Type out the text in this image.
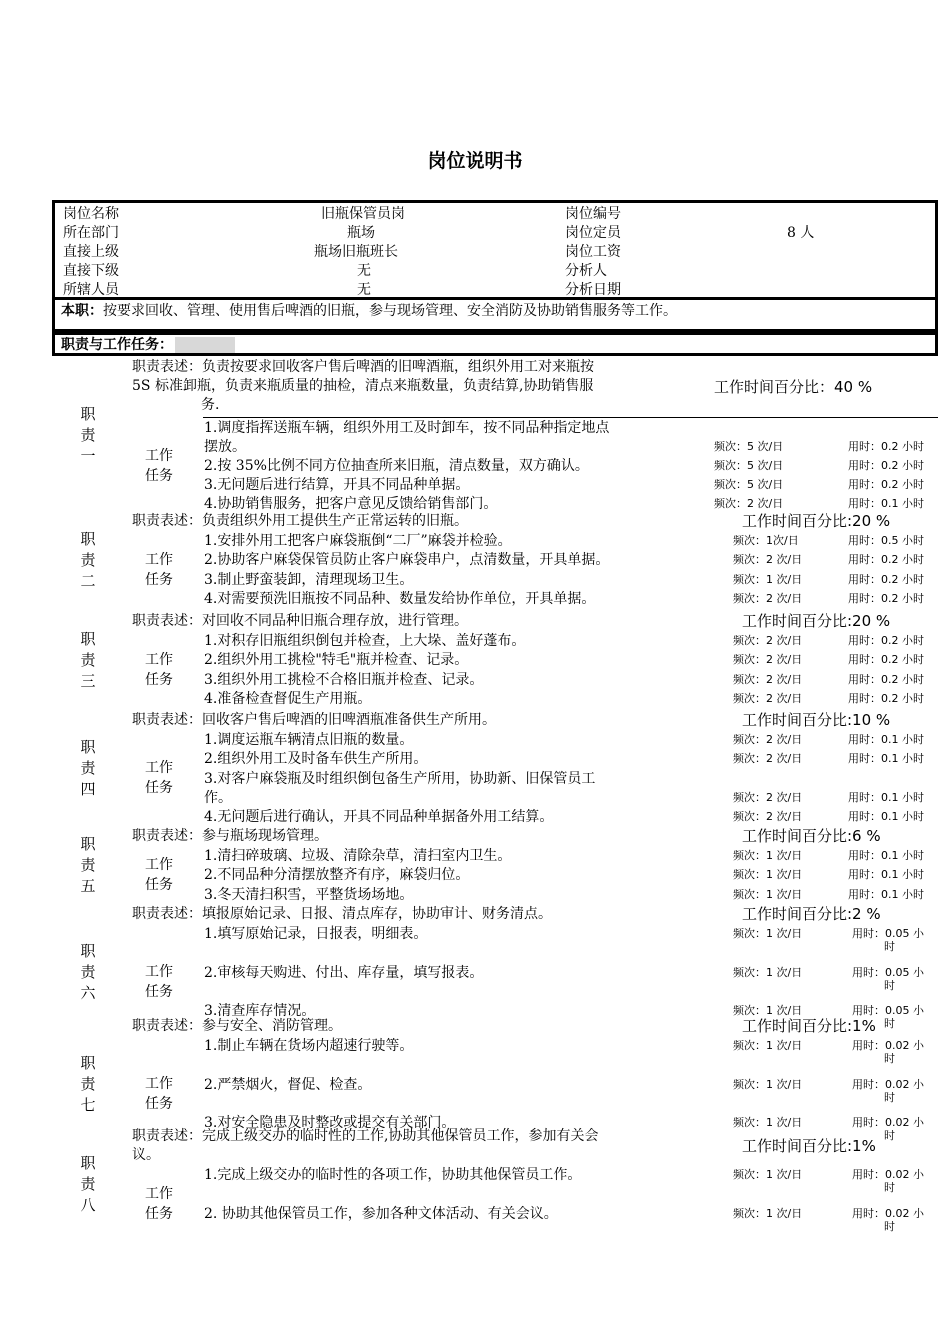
岗位说明书
岗位名称	旧瓶保管员岗	岗位编号
所在部门	瓶场	岗位定员	8 人
直接上级	瓶场旧瓶班长	岗位工资
直接下级	无	分析人
所辖人员	无	分析日期
本职：按要求回收、管理、使用售后啤酒的旧瓶，参与现场管理、安全消防及协助销售服务等工作。
职责与工作任务：
职责表述：负责按要求回收客户售后啤酒的旧啤酒瓶，组织外用工对来瓶按
5S 标准卸瓶，负责来瓶质量的抽检，清点来瓶数量，负责结算,协助销售服
务.
工作时间百分比：40 %
1.调度指挥送瓶车辆，组织外用工及时卸车，按不同品种指定地点
摆放。	频次：5 次/日	用时：0.2 小时
2.按 35%比例不同方位抽查所来旧瓶，清点数量，双方确认。	频次：5 次/日	用时：0.2 小时
3.无问题后进行结算，开具不同品种单据。	频次：5 次/日	用时：0.2 小时
4.协助销售服务，把客户意见反馈给销售部门。	频次：2 次/日	用时：0.1 小时
工作
任务
职
责
一
职责表述：负责组织外用工提供生产正常运转的旧瓶。	工作时间百分比:20 %
1.安排外用工把客户麻袋瓶倒“二厂”麻袋并检验。	频次：1次/日	用时：0.5 小时
2.协助客户麻袋保管员防止客户麻袋串户，点清数量，开具单据。	频次：2 次/日	用时：0.2 小时
3.制止野蛮装卸，清理现场卫生。	频次：1 次/日	用时：0.2 小时
4.对需要预洗旧瓶按不同品种、数量发给协作单位，开具单据。	频次：2 次/日	用时：0.2 小时
工作
任务
职
责
二
职责表述：对回收不同品种旧瓶合理存放，进行管理。	工作时间百分比:20 %
1.对积存旧瓶组织倒包并检查，上大垛、盖好蓬布。	频次：2 次/日	用时：0.2 小时
2.组织外用工挑检"特毛"瓶并检查、记录。	频次：2 次/日	用时：0.2 小时
3.组织外用工挑检不合格旧瓶并检查、记录。	频次：2 次/日	用时：0.2 小时
4.准备检查督促生产用瓶。	频次：2 次/日	用时：0.2 小时
工作
任务
职
责
三
职责表述：回收客户售后啤酒的旧啤酒瓶准备供生产所用。	工作时间百分比:10 %
1.调度运瓶车辆清点旧瓶的数量。	频次：2 次/日	用时：0.1 小时
2.组织外用工及时备车供生产所用。	频次：2 次/日	用时：0.1 小时
3.对客户麻袋瓶及时组织倒包备生产所用，协助新、旧保管员工
作。	频次：2 次/日	用时：0.1 小时
4.无问题后进行确认，开具不同品种单据备外用工结算。	频次：2 次/日	用时：0.1 小时
工作
任务
职
责
四
职责表述：参与瓶场现场管理。	工作时间百分比:6 %
1.清扫碎玻璃、垃圾、清除杂草，清扫室内卫生。	频次：1 次/日	用时：0.1 小时
2.不同品种分清摆放整齐有序，麻袋归位。	频次：1 次/日	用时：0.1 小时
3.冬天清扫积雪，平整货场场地。	频次：1 次/日	用时：0.1 小时
工作
任务
职
责
五
职责表述：填报原始记录、日报、清点库存，协助审计、财务清点。	工作时间百分比:2 %
1.填写原始记录，日报表，明细表。	频次：1 次/日	用时：0.05 小
时
2.审核每天购进、付出、库存量，填写报表。	频次：1 次/日	用时：0.05 小
时
3.清查库存情况。	频次：1 次/日	用时：0.05 小
时
工作
任务
职
责
六
职责表述：参与安全、消防管理。	工作时间百分比:1%
1.制止车辆在货场内超速行驶等。	频次：1 次/日	用时：0.02 小
时
2.严禁烟火，督促、检查。	频次：1 次/日	用时：0.02 小
时
3.对安全隐患及时整改或提交有关部门。	频次：1 次/日	用时：0.02 小
时
工作
任务
职
责
七
职责表述：完成上级交办的临时性的工作,协助其他保管员工作，参加有关会
议。	工作时间百分比:1%
1.完成上级交办的临时性的各项工作，协助其他保管员工作。	频次：1 次/日	用时：0.02 小
时
2. 协助其他保管员工作，参加各种文体活动、有关会议。	频次：1 次/日	用时：0.02 小
时
工作
任务
职
责
八
